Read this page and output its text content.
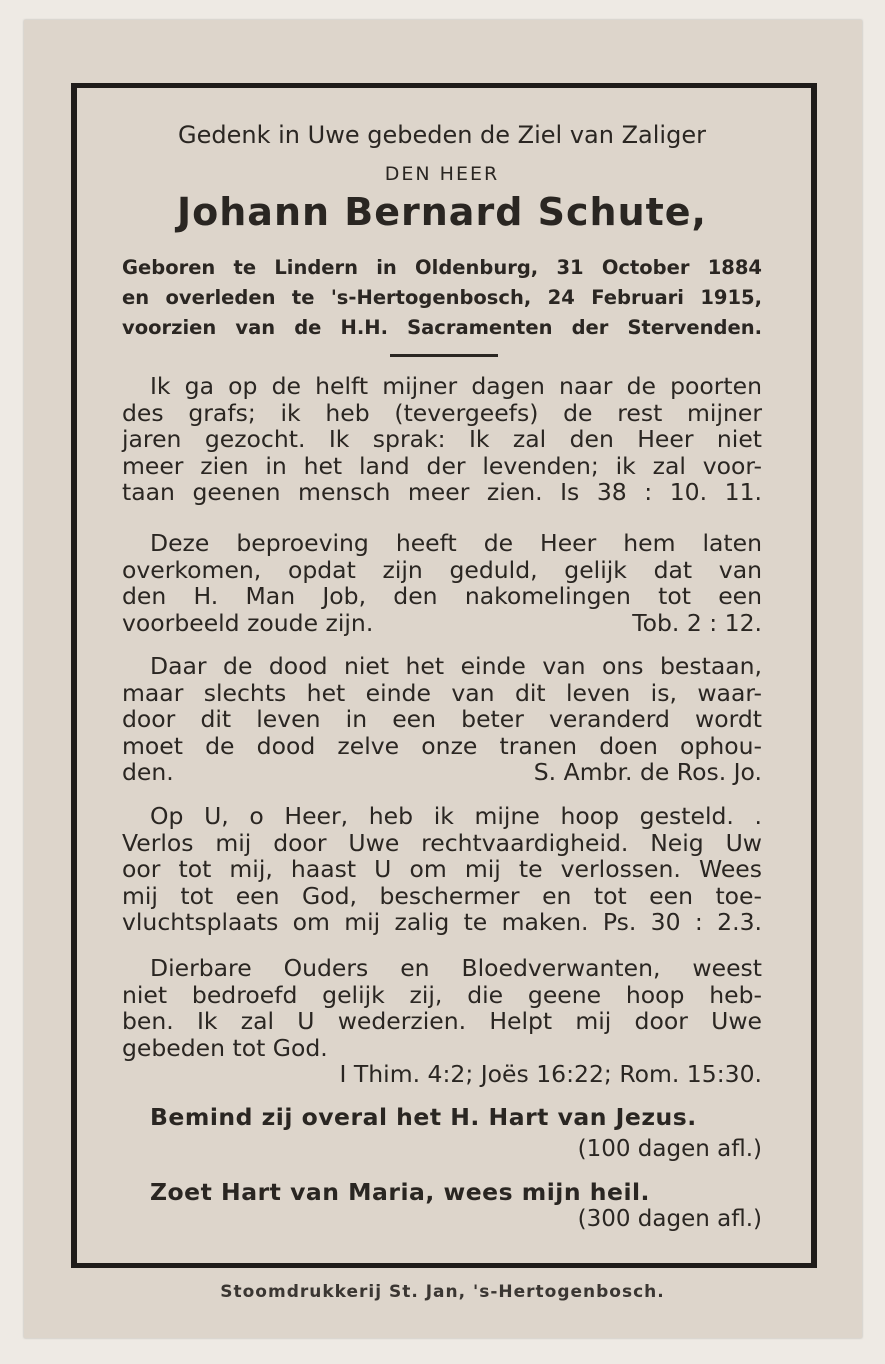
Gedenk in Uwe gebeden de Ziel van Zaliger
DEN HEER
Johann Bernard Schute,
Geboren te Lindern in Oldenburg, 31 October 1884
en overleden te 's-Hertogenbosch, 24 Februari 1915,
voorzien van de H.H. Sacramenten der Stervenden.
Ik ga op de helft mijner dagen naar de poorten
des grafs; ik heb (tevergeefs) de rest mijner
jaren gezocht. Ik sprak: Ik zal den Heer niet
meer zien in het land der levenden; ik zal voor-
taan geenen mensch meer zien. Is 38 : 10. 11.
Deze beproeving heeft de Heer hem laten
overkomen, opdat zijn geduld, gelijk dat van
den H. Man Job, den nakomelingen tot een
voorbeeld zoude zijn.	Tob. 2 : 12.
Daar de dood niet het einde van ons bestaan,
maar slechts het einde van dit leven is, waar-
door dit leven in een beter veranderd wordt
moet de dood zelve onze tranen doen ophou-
den.	S. Ambr. de Ros. Jo.
Op U, o Heer, heb ik mijne hoop gesteld. .
Verlos mij door Uwe rechtvaardigheid. Neig Uw
oor tot mij, haast U om mij te verlossen. Wees
mij tot een God, beschermer en tot een toe-
vluchtsplaats om mij zalig te maken. Ps. 30 : 2.3.
Dierbare Ouders en Bloedverwanten, weest
niet bedroefd gelijk zij, die geene hoop heb-
ben. Ik zal U wederzien. Helpt mij door Uwe
gebeden tot God.
I Thim. 4:2; Joës 16:22; Rom. 15:30.
Bemind zij overal het H. Hart van Jezus.
(100 dagen afl.)
Zoet Hart van Maria, wees mijn heil.
(300 dagen afl.)
Stoomdrukkerij St. Jan, 's-Hertogenbosch.
